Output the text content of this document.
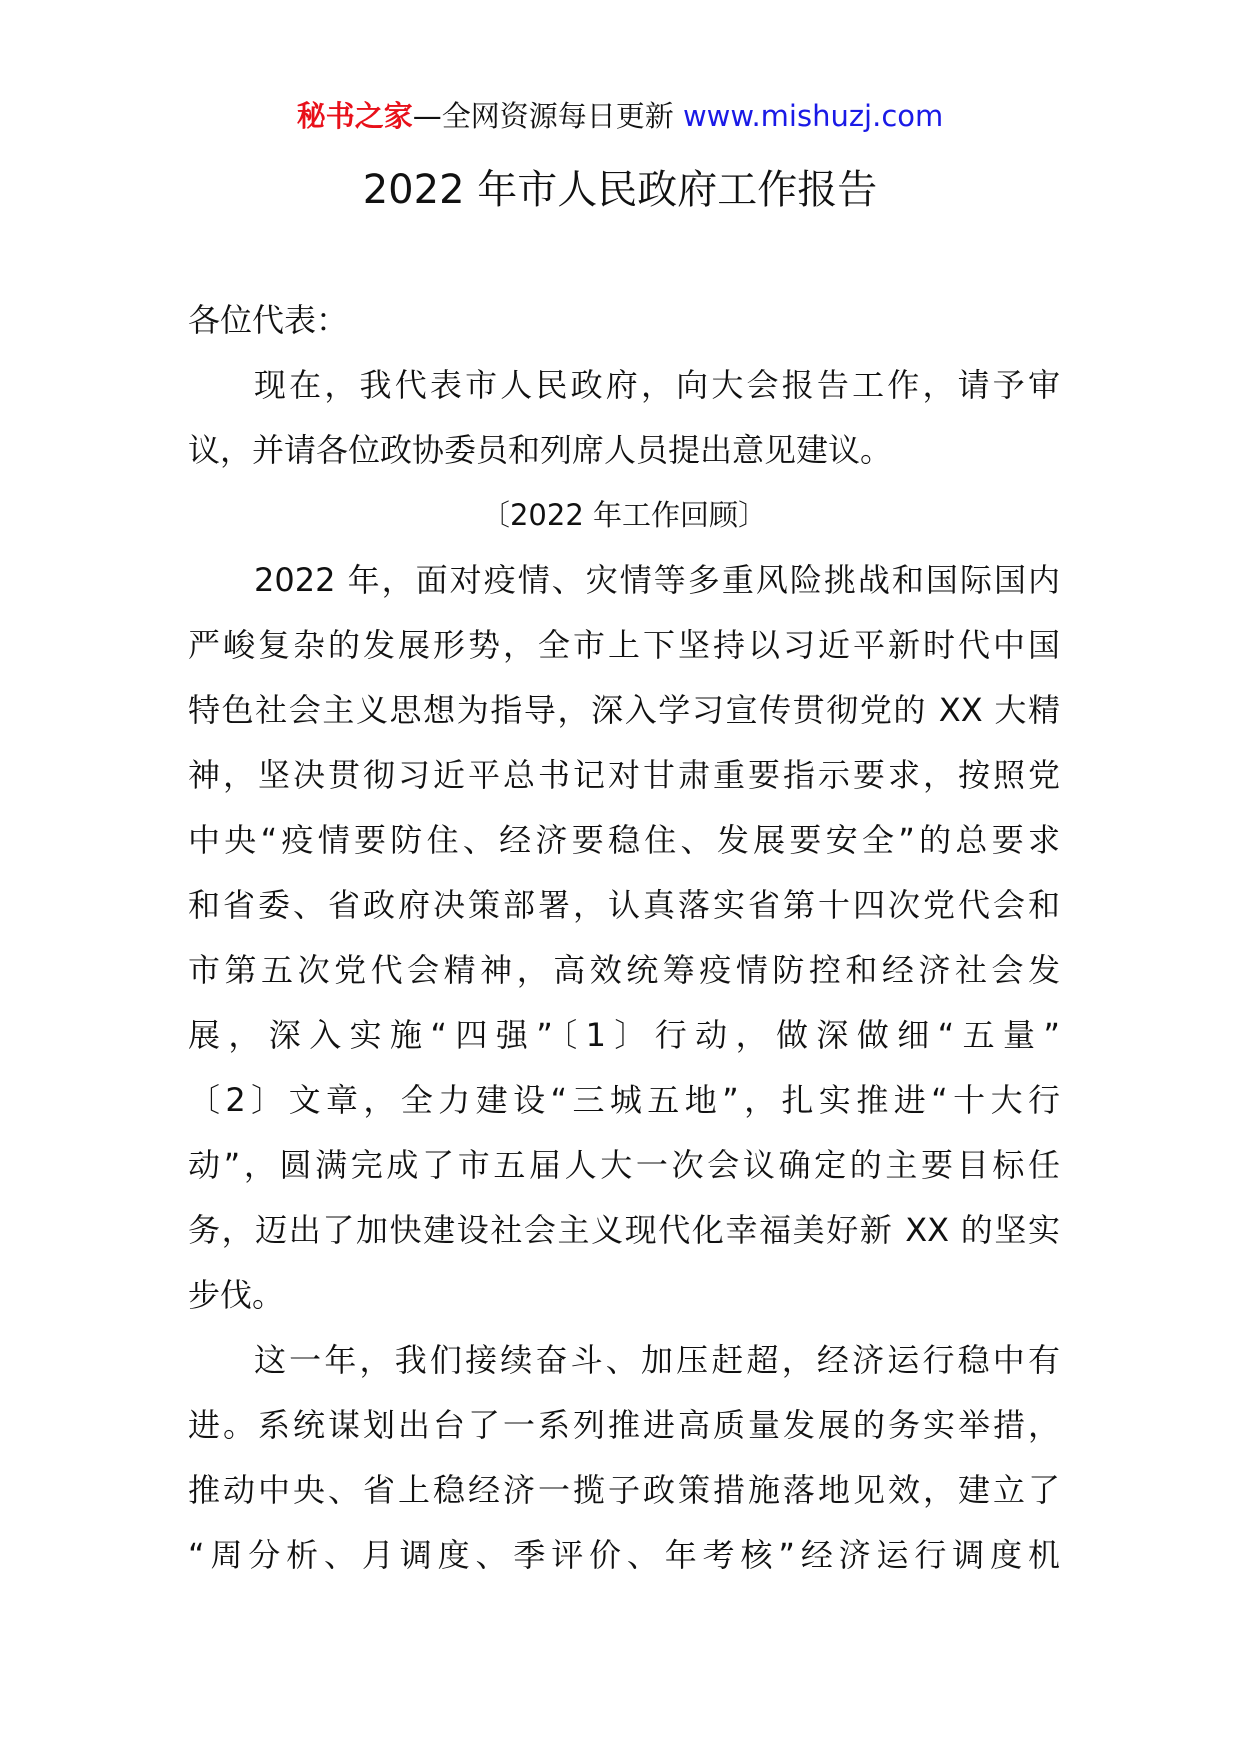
秘书之家—全网资源每日更新 www.mishuzj.com
2022 年市人民政府工作报告
各位代表：
现在，我代表市人民政府，向大会报告工作，请予审
议，并请各位政协委员和列席人员提出意见建议。
〔2022 年工作回顾〕
2022 年，面对疫情、灾情等多重风险挑战和国际国内
严峻复杂的发展形势，全市上下坚持以习近平新时代中国
特色社会主义思想为指导，深入学习宣传贯彻党的 XX 大精
神，坚决贯彻习近平总书记对甘肃重要指示要求，按照党
中央“疫情要防住、经济要稳住、发展要安全”的总要求
和省委、省政府决策部署，认真落实省第十四次党代会和
市第五次党代会精神，高效统筹疫情防控和经济社会发
展，深入实施“四强”〔1〕行动，做深做细“五量”
〔2〕文章，全力建设“三城五地”，扎实推进“十大行
动”，圆满完成了市五届人大一次会议确定的主要目标任
务，迈出了加快建设社会主义现代化幸福美好新 XX 的坚实
步伐。
这一年，我们接续奋斗、加压赶超，经济运行稳中有
进。系统谋划出台了一系列推进高质量发展的务实举措，
推动中央、省上稳经济一揽子政策措施落地见效，建立了
“周分析、月调度、季评价、年考核”经济运行调度机
